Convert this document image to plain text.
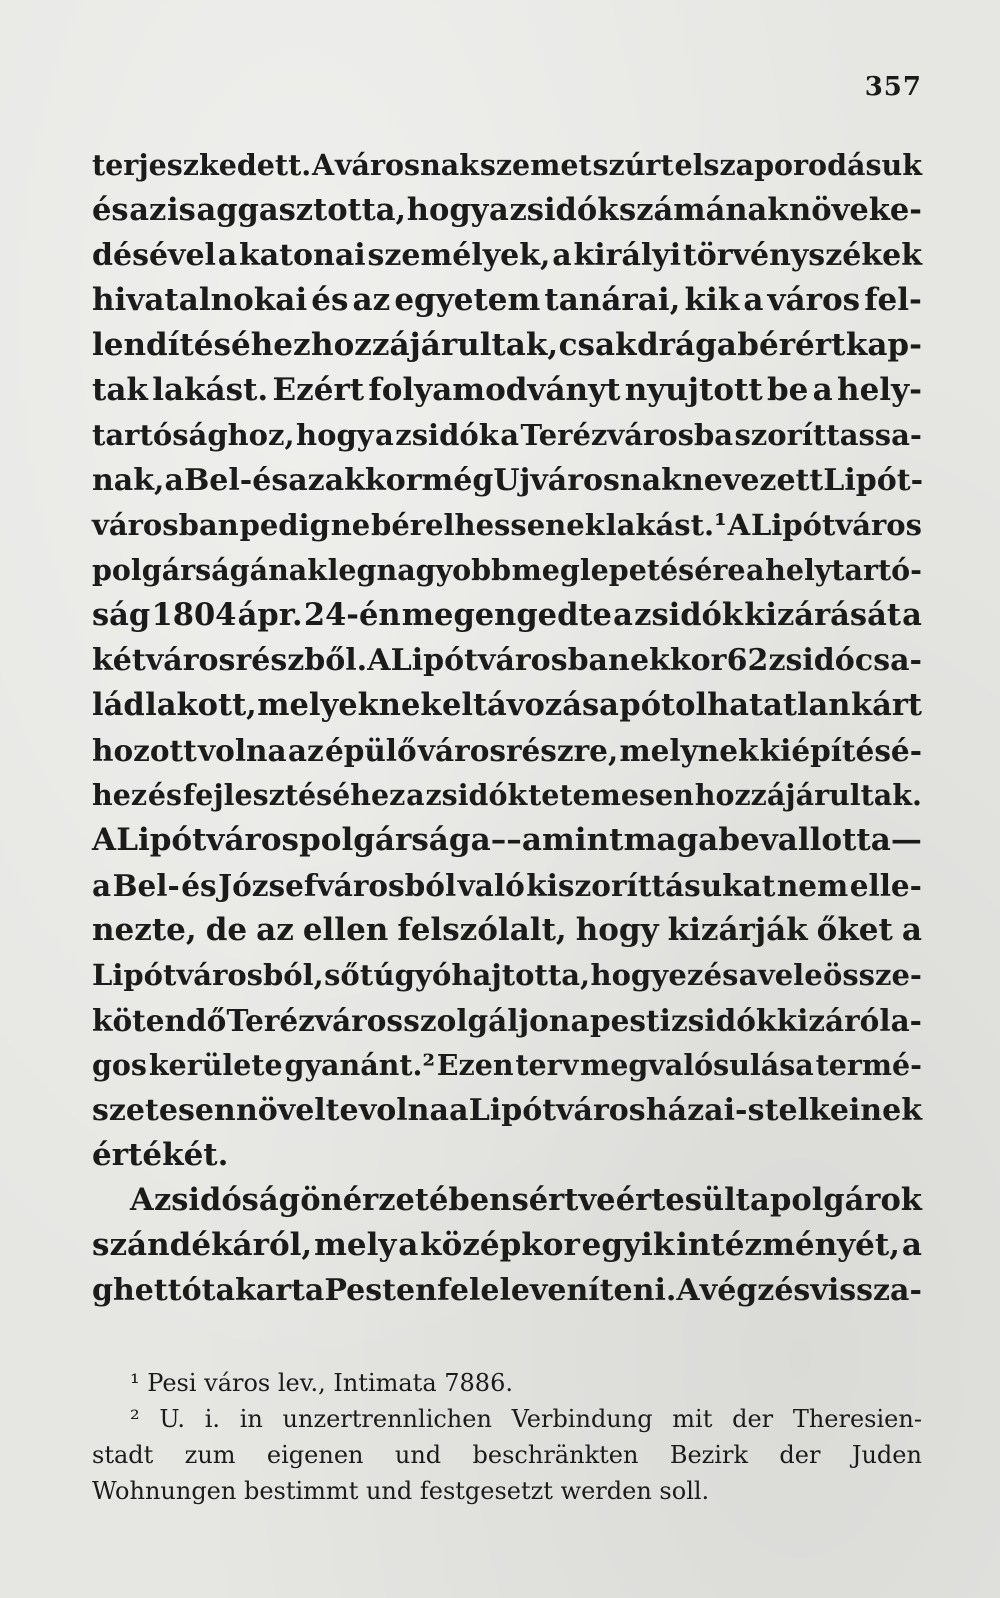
357
terjeszkedett. A városnak szemet szúrt elszaporodásuk
és az is aggasztotta, hogy a zsidók számának növeke-
désével a katonai személyek, a királyi törvényszékek
hivatalnokai és az egyetem tanárai, kik a város fel-
lendítéséhez hozzájárultak, csak drága bérért kap-
tak lakást. Ezért folyamodványt nyujtott be a hely-
tartósághoz, hogy a zsidók a Terézvárosba szoríttassa-
nak, a Bel- és az akkor még Ujvárosnak nevezett Lipót-
városban pedig ne bérelhessenek lakást.¹ A Lipótváros
polgárságának legnagyobb meglepetésére a helytartó-
ság 1804 ápr. 24-én megengedte a zsidók kizárását a
két városrészből. A Lipótvárosban ekkor 62 zsidó csa-
lád lakott, melyeknek eltávozása pótolhatatlan kárt
hozott volna az épülő városrészre, melynek kiépítésé-
hez és fejlesztéséhez a zsidók tetemesen hozzájárultak.
A Lipótváros polgársága –– amint maga bevallotta —
a Bel- és Józsefvárosból való kiszoríttásukat nem elle-
nezte, de az ellen felszólalt, hogy kizárják őket a
Lipótvárosból, sőt úgy óhajtotta, hogy ez és a vele össze-
kötendő Terézváros szolgáljon a pesti zsidók kizáróla-
gos kerülete gyanánt.² Ezen terv megvalósulása termé-
szetesen növelte volna a Lipótváros házai- s telkeinek
értékét.
A zsidóság önérzetében sértve értesült a polgárok
szándékáról, mely a középkor egyik intézményét, a
ghettót akarta Pesten feleleveníteni. A végzés vissza-
¹ Pesi város lev., Intimata 7886.
² U. i. in unzertrennlichen Verbindung mit der Theresien-
stadt zum eigenen und beschränkten Bezirk der Juden
Wohnungen bestimmt und festgesetzt werden soll.
